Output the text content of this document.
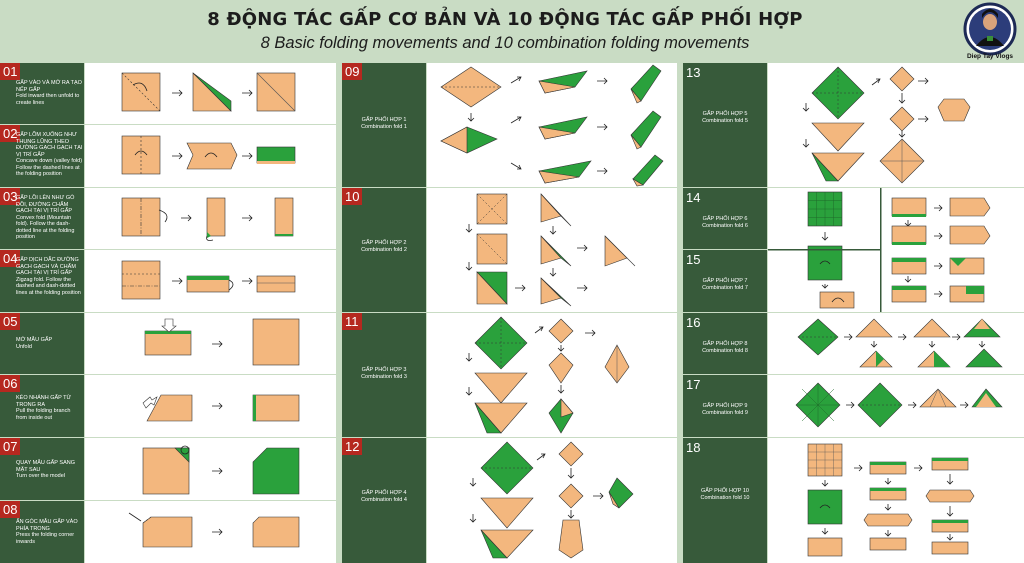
8 ĐỘNG TÁC GẤP CƠ BẢN VÀ 10 ĐỘNG TÁC GẤP PHỐI HỢP
8 Basic folding movements and 10 combination folding movements
Diep Tay Vlogs
01
GẤP VÀO VÀ MỞ RA TẠO NẾP GẤP
Fold inward then unfold to create lines
02
GẤP LÕM XUỐNG NHƯ THUNG LŨNG THEO ĐƯỜNG GẠCH GẠCH TẠI VỊ TRÍ GẤP
Concave down (valley fold) Follow the dashed lines at the folding position
03
GẤP LỒI LÊN NHƯ GÒ ĐỒI, ĐƯỜNG CHẤM GẠCH TẠI VỊ TRÍ GẤP
Convex fold (Mountain fold). Follow the dash-dotted line at the folding position
04
GẤP DỊCH DẮC ĐƯỜNG GẠCH GẠCH VÀ CHẤM GẠCH TẠI VỊ TRÍ GẤP
Zigzag fold. Follow the dashed and dash-dotted lines at the folding position
05
MỞ MẪU GẤP
Unfold
06
KÉO NHÁNH GẤP TỪ TRONG RA
Pull the folding branch from inside out
07
QUAY MẪU GẤP SANG MẶT SAU
Turn over the model
08
ẤN GÓC MẪU GẤP VÀO PHÍA TRONG
Press the folding corner inwards
09
GẤP PHỐI HỢP 1
Combination fold 1
10
GẤP PHỐI HỢP 2
Combination fold 2
11
GẤP PHỐI HỢP 3
Combination fold 3
12
GẤP PHỐI HỢP 4
Combination fold 4
13
GẤP PHỐI HỢP 5
Combination fold 5
14
GẤP PHỐI HỢP 6
Combination fold 6
15
GẤP PHỐI HỢP 7
Combination fold 7
16
GẤP PHỐI HỢP 8
Combination fold 8
17
GẤP PHỐI HỢP 9
Combination fold 9
18
GẤP PHỐI HỢP 10
Combination fold 10
